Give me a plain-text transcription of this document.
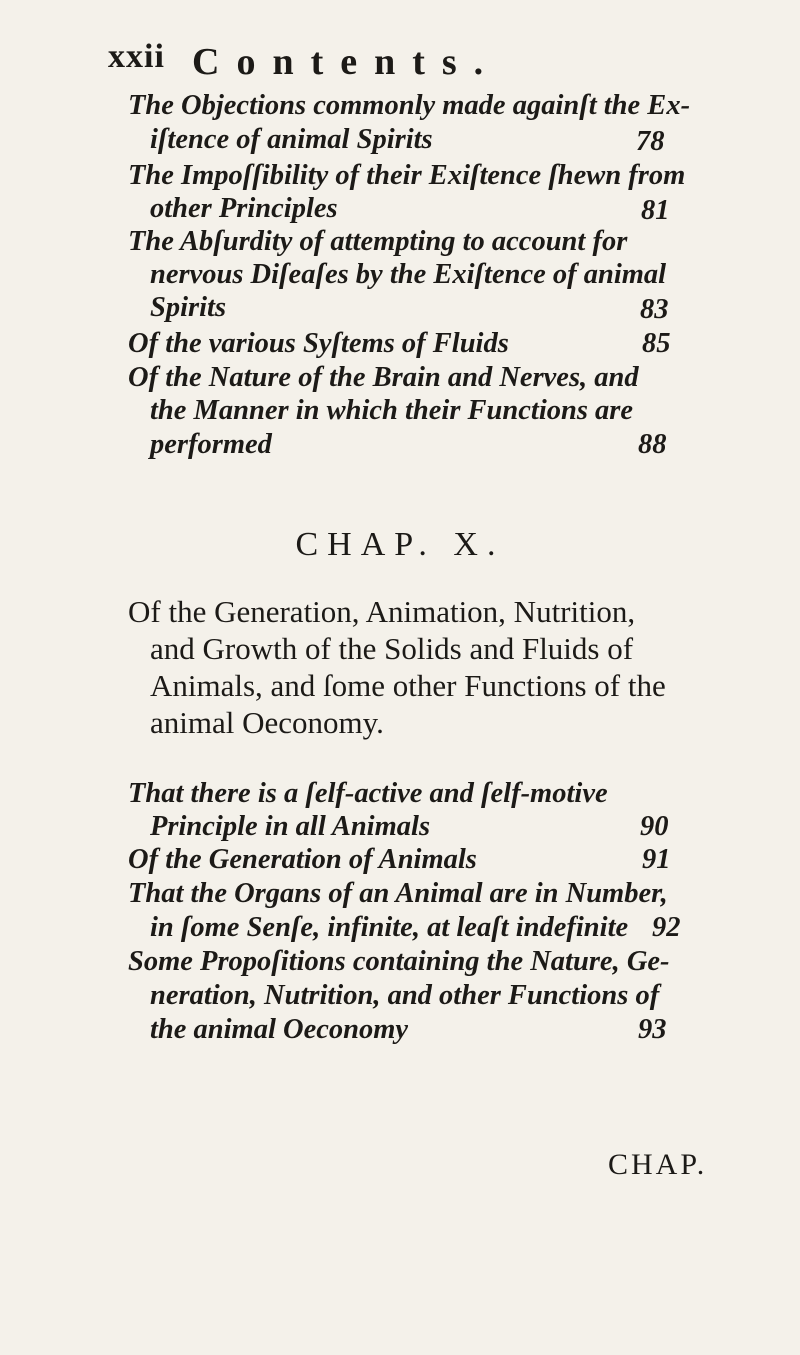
xxii Contents.
The Objections commonly made againſt the Ex-
iſtence of animal Spirits	78
The Impoſſibility of their Exiſtence ſhewn from
other Principles	81
The Abſurdity of attempting to account for
nervous Diſeaſes by the Exiſtence of animal
Spirits	83
Of the various Syſtems of Fluids	85
Of the Nature of the Brain and Nerves, and
the Manner in which their Functions are
performed	88
CHAP. X.
Of the Generation, Animation, Nutrition,
and Growth of the Solids and Fluids of
Animals, and ſome other Functions of the
animal Oeconomy.
That there is a ſelf-active and ſelf-motive
Principle in all Animals	90
Of the Generation of Animals	91
That the Organs of an Animal are in Number,
in ſome Senſe, infinite, at leaſt indefinite 92
Some Propoſitions containing the Nature, Ge-
neration, Nutrition, and other Functions of
the animal Oeconomy	93
CHAP.
